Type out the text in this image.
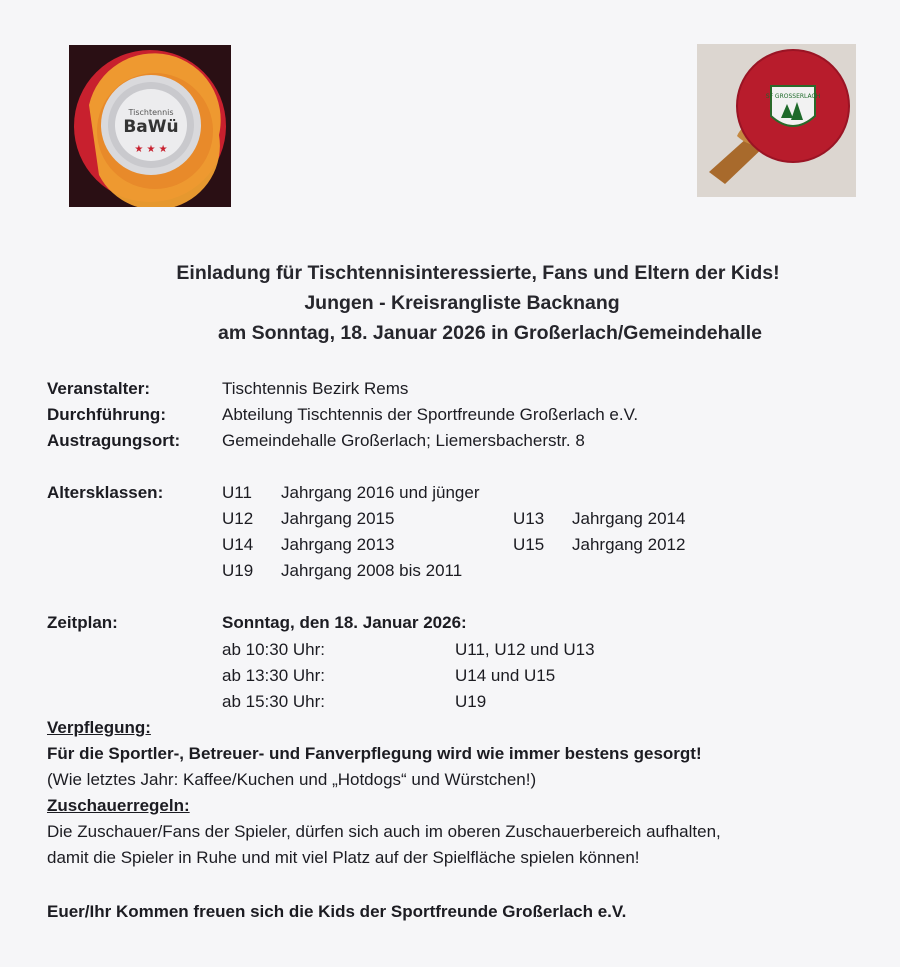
Tischtennis
BaWü
★ ★ ★
SF GROSSERLACH
Einladung für Tischtennisinteressierte, Fans und Eltern der Kids!
Jungen - Kreisrangliste Backnang
am Sonntag, 18. Januar 2026 in Großerlach/Gemeindehalle
Veranstalter:	Tischtennis Bezirk Rems
Durchführung:	Abteilung Tischtennis der Sportfreunde Großerlach e.V.
Austragungsort: Gemeindehalle Großerlach; Liemersbacherstr. 8
Altersklassen:	U11 Jahrgang 2016 und jünger
U12 Jahrgang 2015	U13 Jahrgang 2014
U14 Jahrgang 2013	U15 Jahrgang 2012
U19 Jahrgang 2008 bis 2011
Zeitplan:	Sonntag, den 18. Januar 2026:
ab 10:30 Uhr:	U11, U12 und U13
ab 13:30 Uhr:	U14 und U15
ab 15:30 Uhr:	U19
Verpflegung:
Für die Sportler-, Betreuer- und Fanverpflegung wird wie immer bestens gesorgt!
(Wie letztes Jahr: Kaffee/Kuchen und „Hotdogs“ und Würstchen!)
Zuschauerregeln:
Die Zuschauer/Fans der Spieler, dürfen sich auch im oberen Zuschauerbereich aufhalten,
damit die Spieler in Ruhe und mit viel Platz auf der Spielfläche spielen können!
Euer/Ihr Kommen freuen sich die Kids der Sportfreunde Großerlach e.V.
